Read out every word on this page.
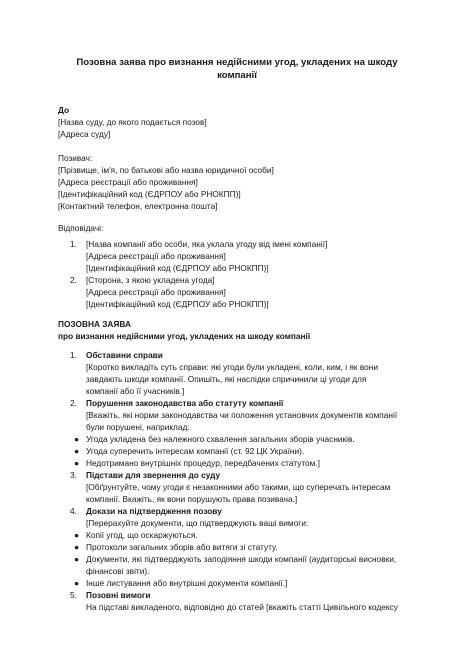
Позовна заява про визнання недійсними угод, укладених на шкоду
компанії
До
[Назва суду, до якого подається позов]
[Адреса суду]
Позивач:
[Прізвище, ім'я, по батькові або назва юридичної особи]
[Адреса реєстрації або проживання]
[Ідентифікаційний код (ЄДРПОУ або РНОКПП)]
[Контактний телефон, електронна пошта]
Відповідачі:
1. [Назва компанії або особи, яка уклала угоду від імені компанії]
[Адреса реєстрації або проживання]
[Ідентифікаційний код (ЄДРПОУ або РНОКПП)]
2. [Сторона, з якою укладена угода]
[Адреса реєстрації або проживання]
[Ідентифікаційний код (ЄДРПОУ або РНОКПП)]
ПОЗОВНА ЗАЯВА
про визнання недійсними угод, укладених на шкоду компанії
1. Обставини справи
[Коротко викладіть суть справи: які угоди були укладені, коли, ким, і як вони
завдають шкоди компанії. Опишіть, які наслідки спричинили ці угоди для
компанії або її учасників.]
2. Порушення законодавства або статуту компанії
[Вкажіть, які норми законодавства чи положення установчих документів компанії
були порушені, наприклад:
● Угода укладена без належного схвалення загальних зборів учасників.
● Угода суперечить інтересам компанії (ст. 92 ЦК України).
● Недотримано внутрішніх процедур, передбачених статутом.]
3. Підстави для звернення до суду
[Обґрунтуйте, чому угоди є незаконними або такими, що суперечать інтересам
компанії. Вкажіть, як вони порушують права позивача.]
4. Докази на підтвердження позову
[Перерахуйте документи, що підтверджують ваші вимоги:
● Копії угод, що оскаржуються.
● Протоколи загальних зборів або витяги зі статуту.
● Документи, які підтверджують заподіяння шкоди компанії (аудиторські висновки,
фінансові звіти).
● Інше листування або внутрішні документи компанії.]
5. Позовні вимоги
На підставі викладеного, відповідно до статей [вкажіть статті Цивільного кодексу
